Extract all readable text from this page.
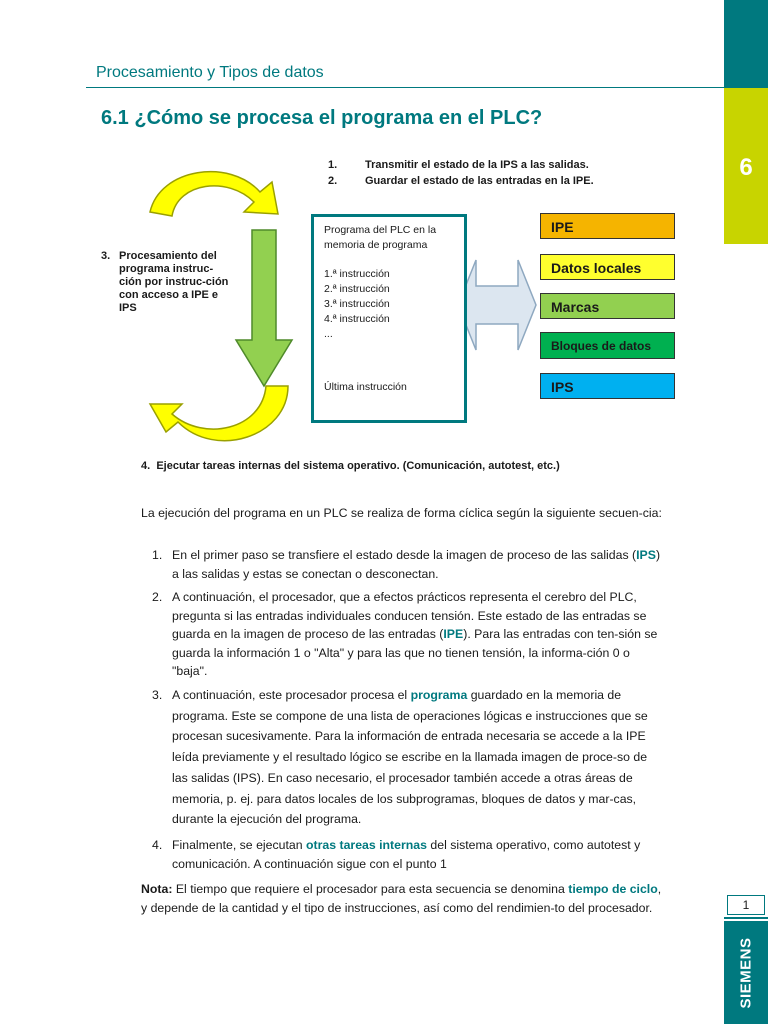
6
1
SIEMENS
Procesamiento y Tipos de datos
6.1 ¿Cómo se procesa el programa en el PLC?
1.	Transmitir el estado de la IPS a las salidas.
2.	Guardar el estado de las entradas en la IPE.
3. Procesamiento del programa instruc-ción por instruc-ción con acceso a IPE e IPS
4. Ejecutar tareas internas del sistema operativo. (Comunicación, autotest, etc.)
Programa del PLC en la memoria de programa
1.ª instrucción
2.ª instrucción
3.ª instrucción
4.ª instrucción
...
Última instrucción
IPE
Datos locales
Marcas
Bloques de datos
IPS
La ejecución del programa en un PLC se realiza de forma cíclica según la siguiente secuen-cia:
1. En el primer paso se transfiere el estado desde la imagen de proceso de las salidas (IPS) a las salidas y estas se conectan o desconectan.
2. A continuación, el procesador, que a efectos prácticos representa el cerebro del PLC, pregunta si las entradas individuales conducen tensión. Este estado de las entradas se guarda en la imagen de proceso de las entradas (IPE). Para las entradas con ten-sión se guarda la información 1 o "Alta" y para las que no tienen tensión, la informa-ción 0 o "baja".
3. A continuación, este procesador procesa el programa guardado en la memoria de programa. Este se compone de una lista de operaciones lógicas e instrucciones que se procesan sucesivamente. Para la información de entrada necesaria se accede a la IPE leída previamente y el resultado lógico se escribe en la llamada imagen de proce-so de las salidas (IPS). En caso necesario, el procesador también accede a otras áreas de memoria, p. ej. para datos locales de los subprogramas, bloques de datos y mar-cas, durante la ejecución del programa.
4. Finalmente, se ejecutan otras tareas internas del sistema operativo, como autotest y comunicación. A continuación sigue con el punto 1
Nota: El tiempo que requiere el procesador para esta secuencia se denomina tiempo de ciclo, y depende de la cantidad y el tipo de instrucciones, así como del rendimien-to del procesador.
